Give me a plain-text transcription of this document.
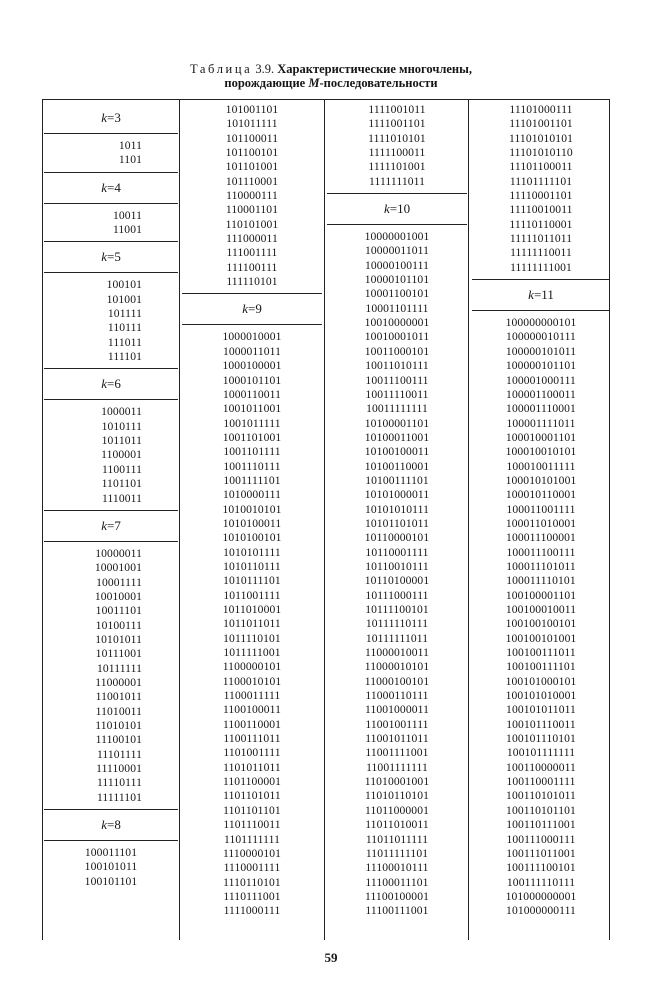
Таблица 3.9. Характеристические многочлены,
порождающие M-последовательности
k=3
1011
1101
k=4
10011
11001
k=5
100101
101001
101111
110111
111011
111101
k=6
1000011
1010111
1011011
1100001
1100111
1101101
1110011
k=7
10000011
10001001
10001111
10010001
10011101
10100111
10101011
10111001
10111111
11000001
11001011
11010011
11010101
11100101
11101111
11110001
11110111
11111101
k=8
100011101
100101011
100101101
101001101
101011111
101100011
101100101
101101001
101110001
110000111
110001101
110101001
111000011
111001111
111100111
111110101
k=9
1000010001
1000011011
1000100001
1000101101
1000110011
1001011001
1001011111
1001101001
1001101111
1001110111
1001111101
1010000111
1010010101
1010100011
1010100101
1010101111
1010110111
1010111101
1011001111
1011010001
1011011011
1011110101
1011111001
1100000101
1100010101
1100011111
1100100011
1100110001
1100111011
1101001111
1101011011
1101100001
1101101011
1101101101
1101110011
1101111111
1110000101
1110001111
1110110101
1110111001
1111000111
1111001011
1111001101
1111010101
1111100011
1111101001
1111111011
k=10
10000001001
10000011011
10000100111
10000101101
10001100101
10001101111
10010000001
10010001011
10011000101
10011010111
10011100111
10011110011
10011111111
10100001101
10100011001
10100100011
10100110001
10100111101
10101000011
10101010111
10101101011
10110000101
10110001111
10110010111
10110100001
10111000111
10111100101
10111110111
10111111011
11000010011
11000010101
11000100101
11000110111
11001000011
11001001111
11001011011
11001111001
11001111111
11010001001
11010110101
11011000001
11011010011
11011011111
11011111101
11100010111
11100011101
11100100001
11100111001
11101000111
11101001101
11101010101
11101010110
11101100011
11101111101
11110001101
11110010011
11110110001
11111011011
11111110011
11111111001
k=11
100000000101
100000010111
100000101011
100000101101
100001000111
100001100011
100001110001
100001111011
100010001101
100010010101
100010011111
100010101001
100010110001
100011001111
100011010001
100011100001
100011100111
100011101011
100011110101
100100001101
100100010011
100100100101
100100101001
100100111011
100100111101
100101000101
100101010001
100101011011
100101110011
100101110101
100101111111
100110000011
100110001111
100110101011
100110101101
100110111001
100111000111
100111011001
100111100101
100111110111
101000000001
101000000111
59
